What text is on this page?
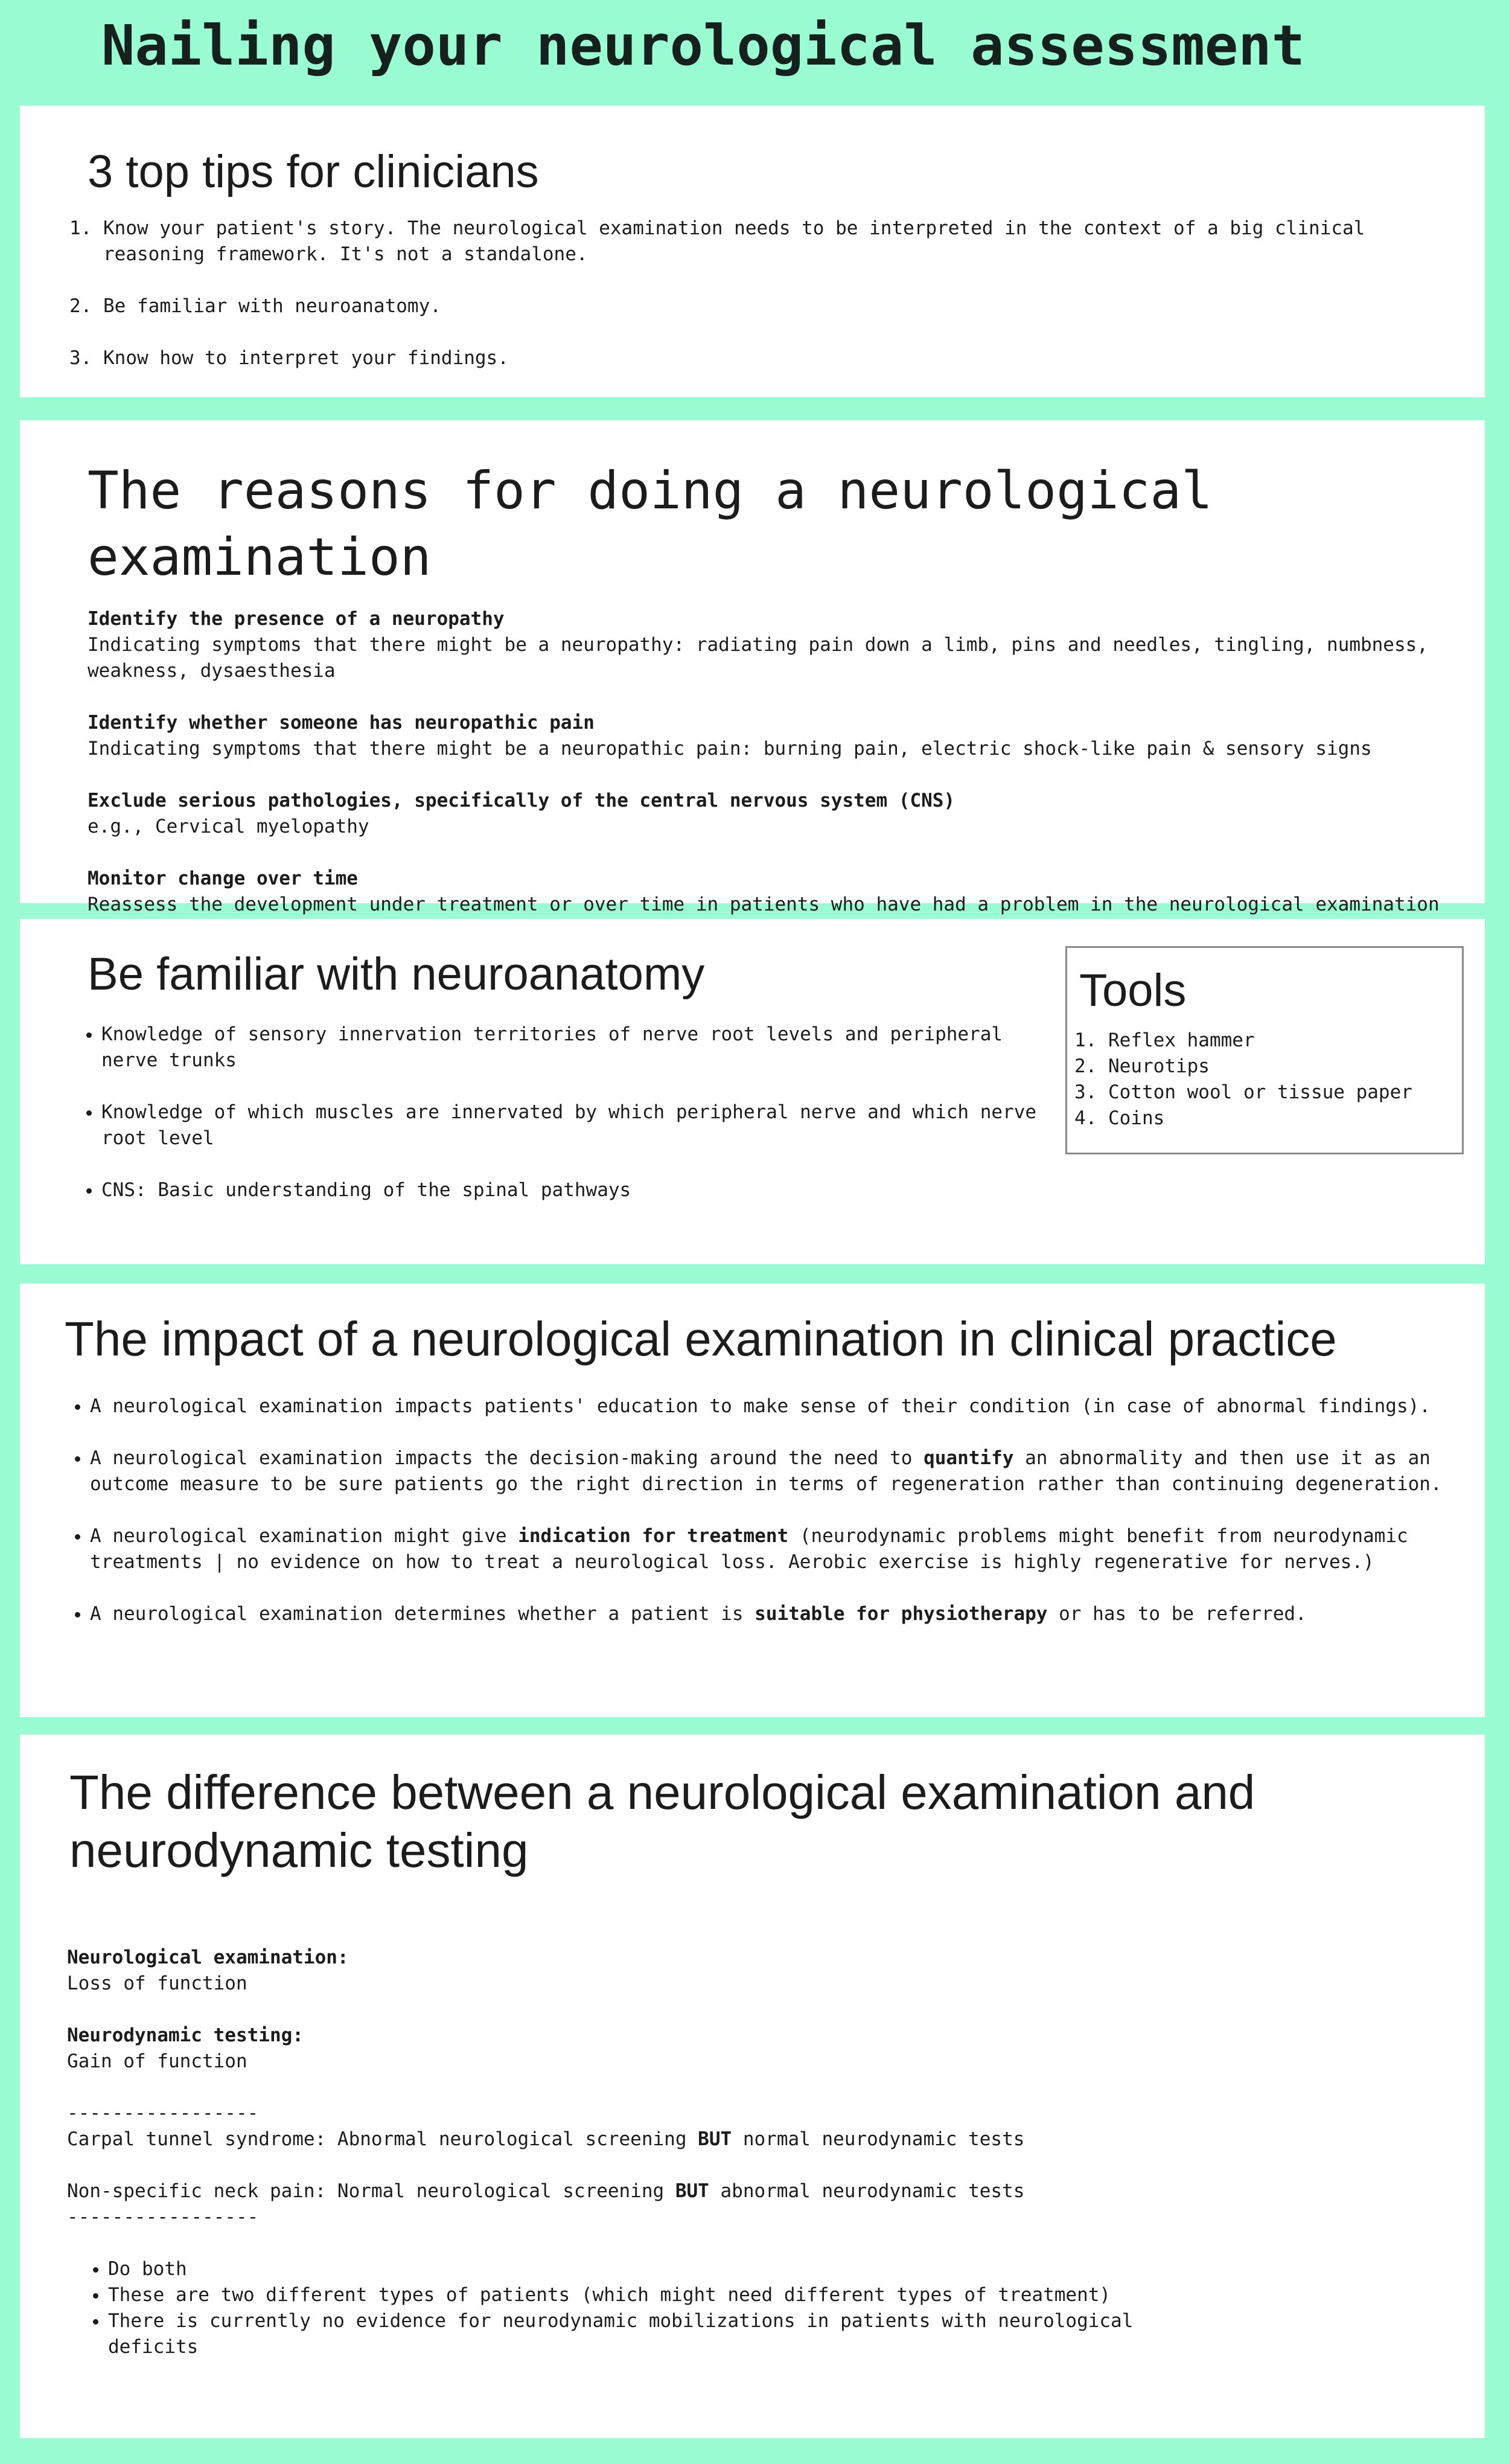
Nailing your neurological assessment
3 top tips for clinicians
1. Know your patient's story. The neurological examination needs to be interpreted in the context of a big clinical reasoning framework. It's not a standalone.
2. Be familiar with neuroanatomy.
3. Know how to interpret your findings.
The reasons for doing a neurological examination
Identify the presence of a neuropathy
Indicating symptoms that there might be a neuropathy: radiating pain down a limb, pins and needles, tingling, numbness, weakness, dysaesthesia
Identify whether someone has neuropathic pain
Indicating symptoms that there might be a neuropathic pain: burning pain, electric shock-like pain & sensory signs
Exclude serious pathologies, specifically of the central nervous system (CNS)
e.g., Cervical myelopathy
Monitor change over time
Reassess the development under treatment or over time in patients who have had a problem in the neurological examination
Be familiar with neuroanatomy
• Knowledge of sensory innervation territories of nerve root levels and peripheral nerve trunks
• Knowledge of which muscles are innervated by which peripheral nerve and which nerve root level
• CNS: Basic understanding of the spinal pathways
Tools
1. Reflex hammer
2. Neurotips
3. Cotton wool or tissue paper
4. Coins
The impact of a neurological examination in clinical practice
• A neurological examination impacts patients' education to make sense of their condition (in case of abnormal findings).
• A neurological examination impacts the decision-making around the need to quantify an abnormality and then use it as an outcome measure to be sure patients go the right direction in terms of regeneration rather than continuing degeneration.
• A neurological examination might give indication for treatment (neurodynamic problems might benefit from neurodynamic treatments | no evidence on how to treat a neurological loss. Aerobic exercise is highly regenerative for nerves.)
• A neurological examination determines whether a patient is suitable for physiotherapy or has to be referred.
The difference between a neurological examination and neurodynamic testing
Neurological examination:
Loss of function
Neurodynamic testing:
Gain of function
-----------------
Carpal tunnel syndrome: Abnormal neurological screening BUT normal neurodynamic tests
Non-specific neck pain: Normal neurological screening BUT abnormal neurodynamic tests
-----------------
• Do both
• These are two different types of patients (which might need different types of treatment)
• There is currently no evidence for neurodynamic mobilizations in patients with neurological deficits
